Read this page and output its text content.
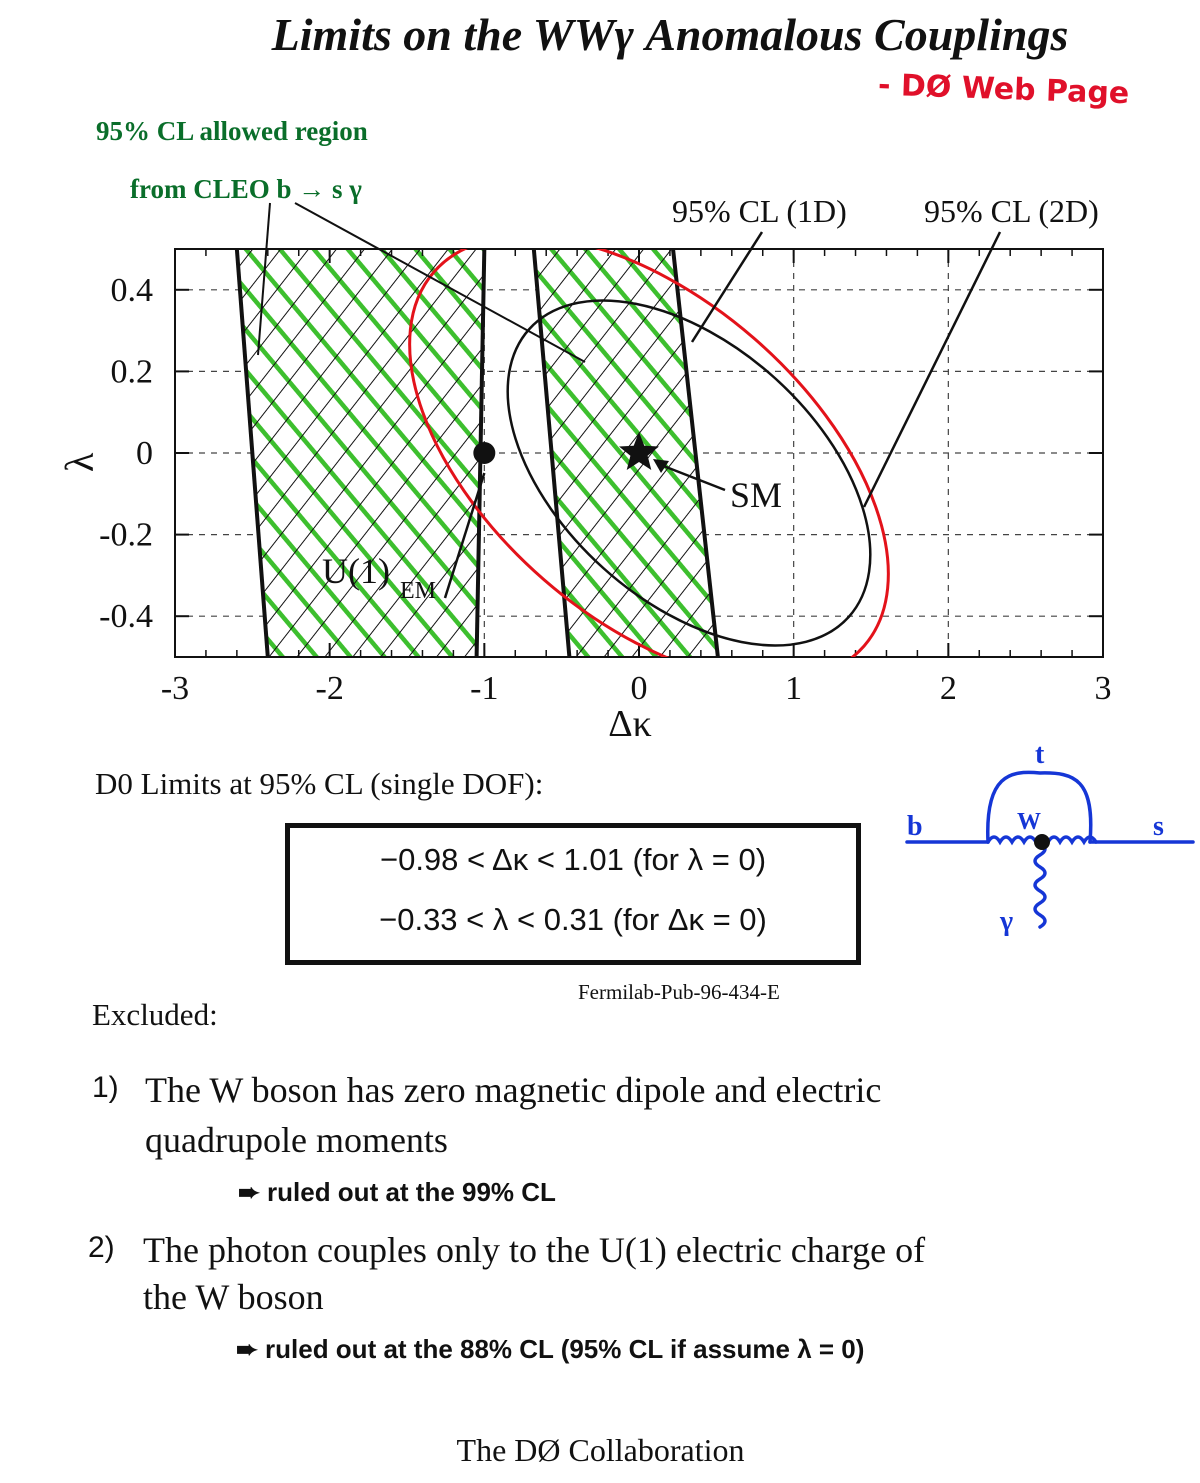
Limits on the WWγ Anomalous Couplings
- DØ Web Page
95% CL allowed region
from CLEO b → s γ
-3	-2	-1	0	1	2	3
0.4
0.2
0
-0.2
-0.4
SM
U(1) EM
95% CL (1D) 95% CL (2D)
Δκ
λ
D0 Limits at 95% CL (single DOF):
−0.98 < Δκ < 1.01 (for λ = 0)
−0.33 < λ < 0.31 (for Δκ = 0)
Fermilab-Pub-96-434-E
b	s
t
W
γ
Excluded:
1) The W boson has zero magnetic dipole and electric
quadrupole moments
➨ ruled out at the 99% CL
2) The photon couples only to the U(1) electric charge of
the W boson
➨ ruled out at the 88% CL (95% CL if assume λ = 0)
The DØ Collaboration
